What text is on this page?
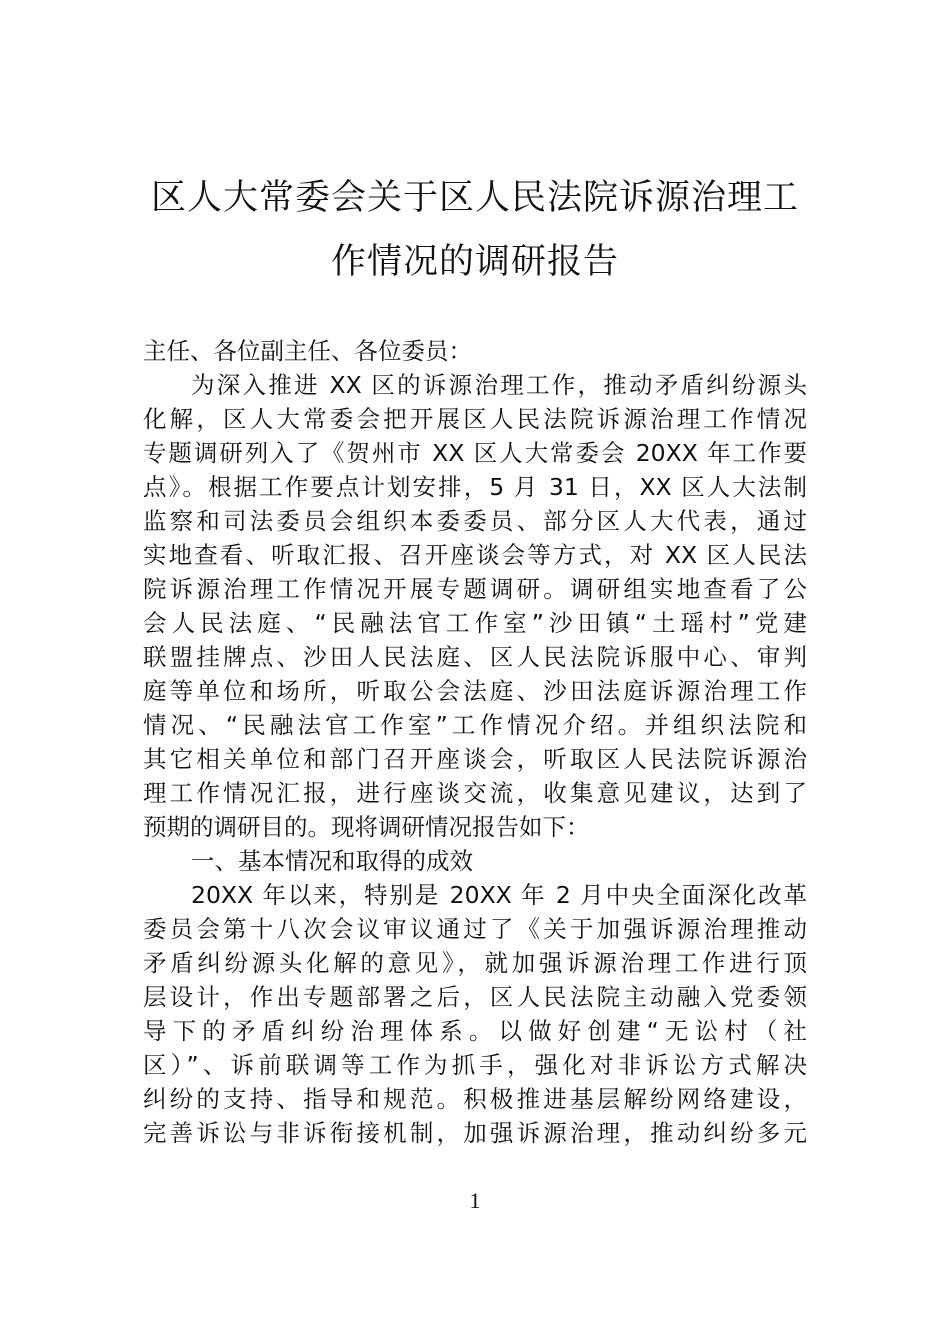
区人大常委会关于区人民法院诉源治理工
作情况的调研报告
主任、各位副主任、各位委员：
为深入推进 XX 区的诉源治理工作，推动矛盾纠纷源头
化解，区人大常委会把开展区人民法院诉源治理工作情况
专题调研列入了《贺州市 XX 区人大常委会 20XX 年工作要
点》。根据工作要点计划安排，5 月 31 日，XX 区人大法制
监察和司法委员会组织本委委员、部分区人大代表，通过
实地查看、听取汇报、召开座谈会等方式，对 XX 区人民法
院诉源治理工作情况开展专题调研。调研组实地查看了公
会人民法庭、“民融法官工作室”沙田镇“土瑶村”党建
联盟挂牌点、沙田人民法庭、区人民法院诉服中心、审判
庭等单位和场所，听取公会法庭、沙田法庭诉源治理工作
情况、“民融法官工作室”工作情况介绍。并组织法院和
其它相关单位和部门召开座谈会，听取区人民法院诉源治
理工作情况汇报，进行座谈交流，收集意见建议，达到了
预期的调研目的。现将调研情况报告如下：
一、基本情况和取得的成效
20XX 年以来，特别是 20XX 年 2 月中央全面深化改革
委员会第十八次会议审议通过了《关于加强诉源治理推动
矛盾纠纷源头化解的意见》，就加强诉源治理工作进行顶
层设计，作出专题部署之后，区人民法院主动融入党委领
导下的矛盾纠纷治理体系。以做好创建“无讼村（社
区）”、诉前联调等工作为抓手，强化对非诉讼方式解决
纠纷的支持、指导和规范。积极推进基层解纷网络建设，
完善诉讼与非诉衔接机制，加强诉源治理，推动纠纷多元
1
